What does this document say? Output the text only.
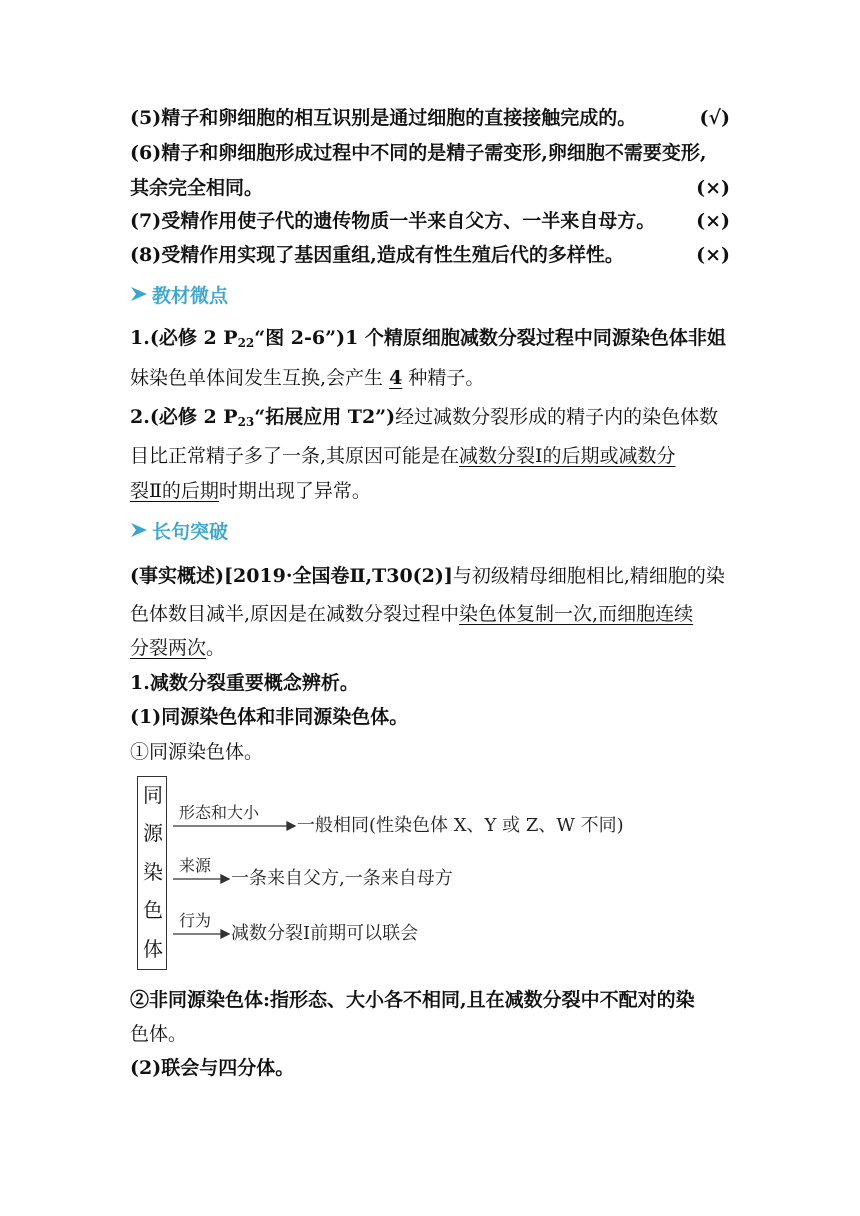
(5)精子和卵细胞的相互识别是通过细胞的直接接触完成的。	(√)
(6)精子和卵细胞形成过程中不同的是精子需变形,卵细胞不需要变形,
其余完全相同。	(×)
(7)受精作用使子代的遗传物质一半来自父方、一半来自母方。 (×)
(8)受精作用实现了基因重组,造成有性生殖后代的多样性。	(×)
教材微点
1.(必修 2 $P_{22}“$图 2-6”)1 个精原细胞减数分裂过程中同源染色体非姐
妹染色单体间发生互换,会产生 4 种精子。
2.(必修 2 $P_{23}“$拓展应用 T2”)经过减数分裂形成的精子内的染色体数
目比正常精子多了一条,其原因可能是在减数分裂Ⅰ的后期或减数分
裂Ⅱ的后期时期出现了异常。
长句突破
(事实概述)[2019·全国卷Ⅱ,T30(2)]与初级精母细胞相比,精细胞的染
色体数目减半,原因是在减数分裂过程中染色体复制一次,而细胞连续
分裂两次。
1.减数分裂重要概念辨析。
(1)同源染色体和非同源染色体。
①同源染色体。
同
源
染
色
体
形态和大小
一般相同(性染色体 X、Y 或 Z、W 不同)
来源
一条来自父方,一条来自母方
行为
减数分裂Ⅰ前期可以联会
②非同源染色体:指形态、大小各不相同,且在减数分裂中不配对的染
色体。
(2)联会与四分体。
